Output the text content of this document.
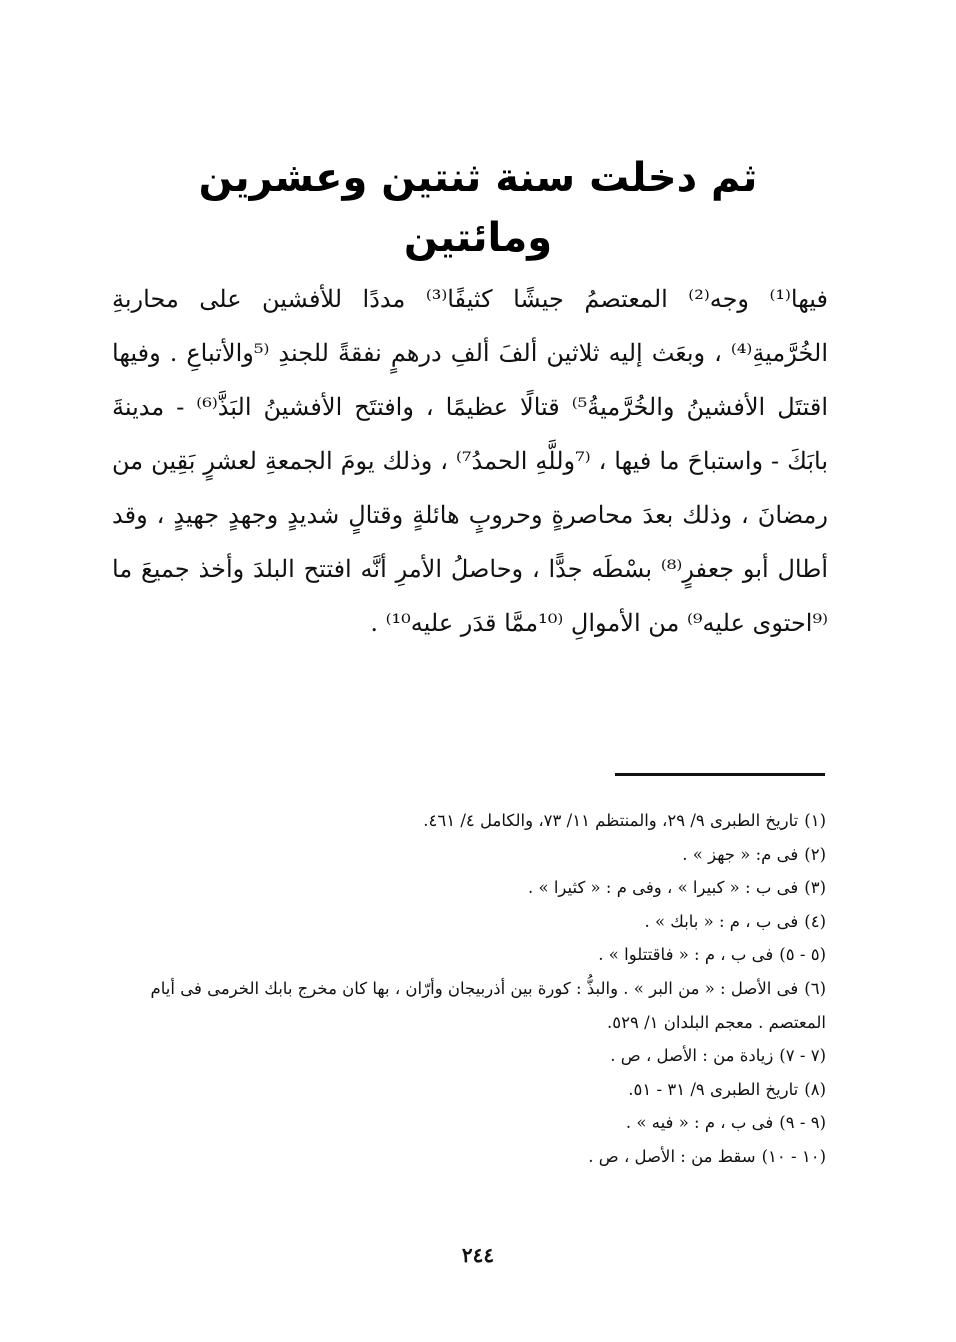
ثم دخلت سنة ثنتين وعشرين ومائتين

فيها⁽¹⁾ وجه⁽²⁾ المعتصمُ جيشًا كثيفًا⁽³⁾ مددًا للأفشين على محاربةِ الخُرَّميةِ⁽⁴⁾ ، وبعَث إليه ثلاثين ألفَ ألفِ درهمٍ نفقةً للجندِ ⁽⁵والأتباعِ . وفيها اقتتَل الأفشينُ والخُرَّميةُ⁵⁾ قتالًا عظيمًا ، وافتتَح الأفشينُ البَذَّ⁽⁶⁾ - مدينةَ بابَكَ - واستباحَ ما فيها ، ⁽⁷وللَّهِ الحمدُ⁷⁾ ، وذلك يومَ الجمعةِ لعشرٍ بَقِين من رمضانَ ، وذلك بعدَ محاصرةٍ وحروبٍ هائلةٍ وقتالٍ شديدٍ وجهدٍ جهيدٍ ، وقد أطال أبو جعفرٍ⁽⁸⁾ بسْطَه جدًّا ، وحاصلُ الأمرِ أنَّه افتتح البلدَ وأخذ جميعَ ما ⁽⁹احتوى عليه⁹⁾ من الأموالِ ⁽¹⁰ممَّا قدَر عليه¹⁰⁾ .

(١)تاريخ الطبرى ٩/ ٢٩، والمنتظم ١١/ ٧٣، والكامل ٤/ ٤٦١.
(٢)فى م: « جهز » .
(٣)فى ب : « كبيرا » ، وفى م : « كثيرا » .
(٤)فى ب ، م : « بابك » .
(٥ - ٥)فى ب ، م : « فاقتتلوا » .
(٦)فى الأصل : « من البر » . والبذُّ : كورة بين أذربيجان وأرّان ، بها كان مخرج بابك الخرمى فى أيام المعتصم . معجم البلدان ١/ ٥٢٩.
(٧ - ٧)زيادة من : الأصل ، ص .
(٨)تاريخ الطبرى ٩/ ٣١ - ٥١.
(٩ - ٩)فى ب ، م : « فيه » .
(١٠ - ١٠)سقط من : الأصل ، ص .
٢٤٤
